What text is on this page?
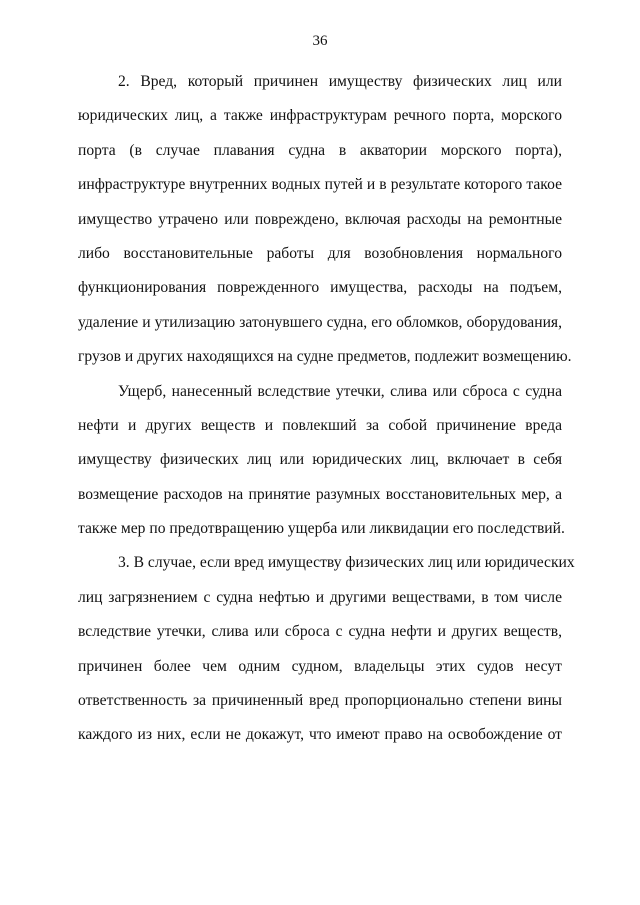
36
2. Вред, который причинен имуществу физических лиц или
юридических лиц, а также инфраструктурам речного порта, морского
порта (в случае плавания судна в акватории морского порта),
инфраструктуре внутренних водных путей и в результате которого такое
имущество утрачено или повреждено, включая расходы на ремонтные
либо восстановительные работы для возобновления нормального
функционирования поврежденного имущества, расходы на подъем,
удаление и утилизацию затонувшего судна, его обломков, оборудования,
грузов и других находящихся на судне предметов, подлежит возмещению.
Ущерб, нанесенный вследствие утечки, слива или сброса с судна
нефти и других веществ и повлекший за собой причинение вреда
имуществу физических лиц или юридических лиц, включает в себя
возмещение расходов на принятие разумных восстановительных мер, а
также мер по предотвращению ущерба или ликвидации его последствий.
3. В случае, если вред имуществу физических лиц или юридических
лиц загрязнением с судна нефтью и другими веществами, в том числе
вследствие утечки, слива или сброса с судна нефти и других веществ,
причинен более чем одним судном, владельцы этих судов несут
ответственность за причиненный вред пропорционально степени вины
каждого из них, если не докажут, что имеют право на освобождение от
